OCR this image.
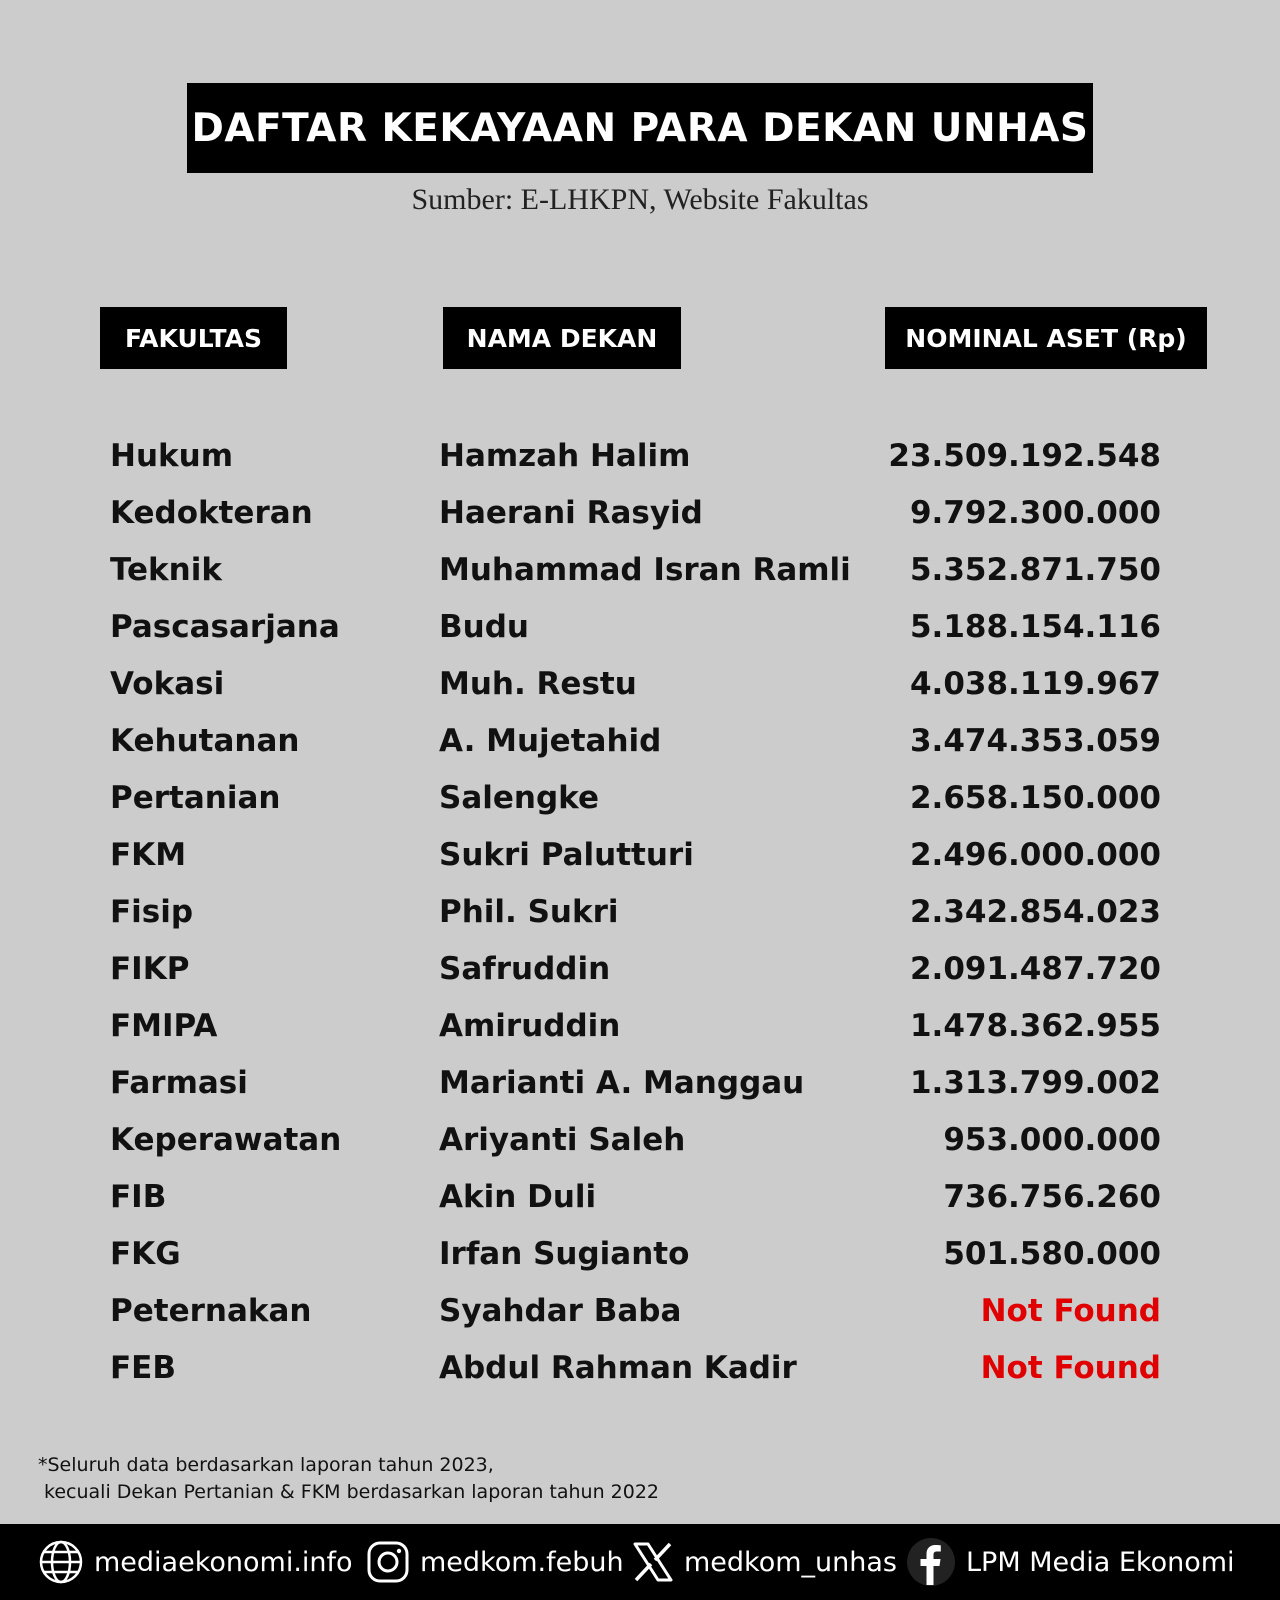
DAFTAR KEKAYAAN PARA DEKAN UNHAS
Sumber: E-LHKPN, Website Fakultas
FAKULTAS	NAMA DEKAN	NOMINAL ASET (Rp)
Hukum	Hamzah Halim	23.509.192.548
Kedokteran	Haerani Rasyid	9.792.300.000
Teknik	Muhammad Isran Ramli 5.352.871.750
Pascasarjana	Budu	5.188.154.116
Vokasi	Muh. Restu	4.038.119.967
Kehutanan	A. Mujetahid	3.474.353.059
Pertanian	Salengke	2.658.150.000
FKM	Sukri Palutturi	2.496.000.000
Fisip	Phil. Sukri	2.342.854.023
FIKP	Safruddin	2.091.487.720
FMIPA	Amiruddin	1.478.362.955
Farmasi	Marianti A. Manggau	1.313.799.002
Keperawatan	Ariyanti Saleh	953.000.000
FIB	Akin Duli	736.756.260
FKG	Irfan Sugianto	501.580.000
Peternakan	Syahdar Baba	Not Found
FEB	Abdul Rahman Kadir	Not Found
*Seluruh data berdasarkan laporan tahun 2023,
kecuali Dekan Pertanian & FKM berdasarkan laporan tahun 2022
mediaekonomi.info medkom.febuh medkom_unhas	LPM Media Ekonomi
